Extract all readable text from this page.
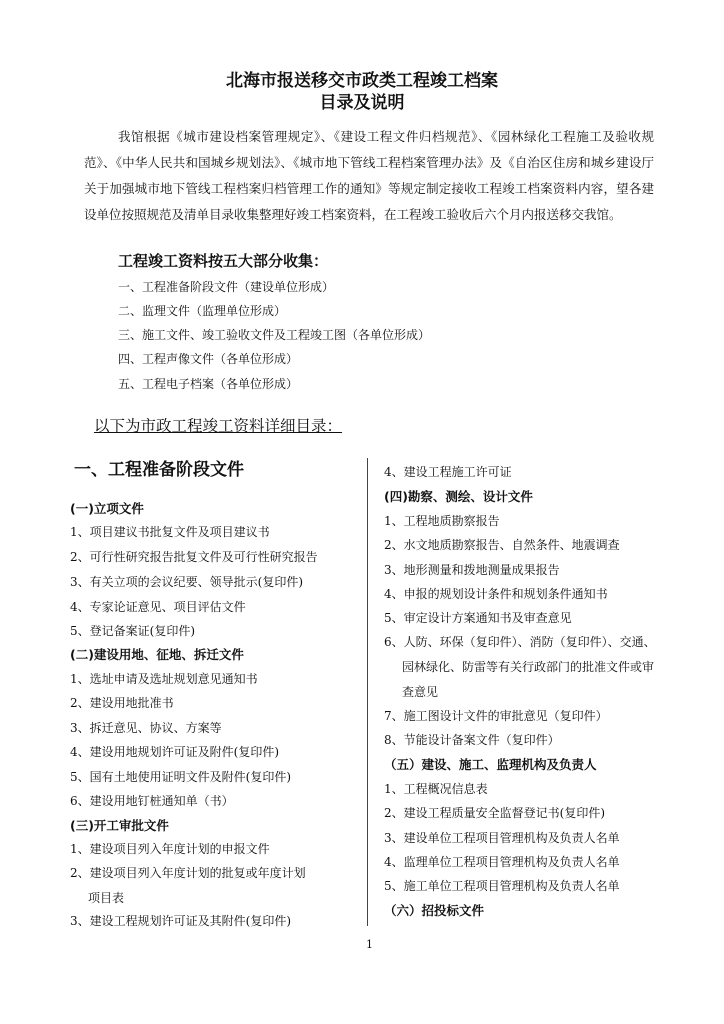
北海市报送移交市政类工程竣工档案
目录及说明

我馆根据《城市建设档案管理规定》、《建设工程文件归档规范》、《园林绿化工程施工及验收规范》、《中华人民共和国城乡规划法》、《城市地下管线工程档案管理办法》及《自治区住房和城乡建设厅关于加强城市地下管线工程档案归档管理工作的通知》等规定制定接收工程竣工档案资料内容，望各建设单位按照规范及清单目录收集整理好竣工档案资料，在工程竣工验收后六个月内报送移交我馆。

工程竣工资料按五大部分收集：
一、工程准备阶段文件（建设单位形成）
二、监理文件（监理单位形成）
三、施工文件、竣工验收文件及工程竣工图（各单位形成）
四、工程声像文件（各单位形成）
五、工程电子档案（各单位形成）
以下为市政工程竣工资料详细目录：
一、工程准备阶段文件
(一)立项文件
1、项目建议书批复文件及项目建议书
2、可行性研究报告批复文件及可行性研究报告
3、有关立项的会议纪要、领导批示(复印件)
4、专家论证意见、项目评估文件
5、登记备案证(复印件)
(二)建设用地、征地、拆迁文件
1、选址申请及选址规划意见通知书
2、建设用地批准书
3、拆迁意见、协议、方案等
4、建设用地规划许可证及附件(复印件)
5、国有土地使用证明文件及附件(复印件)
6、建设用地钉桩通知单（书）
(三)开工审批文件
1、建设项目列入年度计划的申报文件
2、建设项目列入年度计划的批复或年度计划
项目表
3、建设工程规划许可证及其附件(复印件)
4、建设工程施工许可证
(四)勘察、测绘、设计文件
1、工程地质勘察报告
2、水文地质勘察报告、自然条件、地震调查
3、地形测量和拨地测量成果报告
4、申报的规划设计条件和规划条件通知书
5、审定设计方案通知书及审查意见
6、人防、环保（复印件）、消防（复印件）、交通、
园林绿化、防雷等有关行政部门的批准文件或审
查意见
7、施工图设计文件的审批意见（复印件）
8、节能设计备案文件（复印件）
（五）建设、施工、监理机构及负责人
1、工程概况信息表
2、建设工程质量安全监督登记书(复印件)
3、建设单位工程项目管理机构及负责人名单
4、监理单位工程项目管理机构及负责人名单
5、施工单位工程项目管理机构及负责人名单
（六）招投标文件
1
